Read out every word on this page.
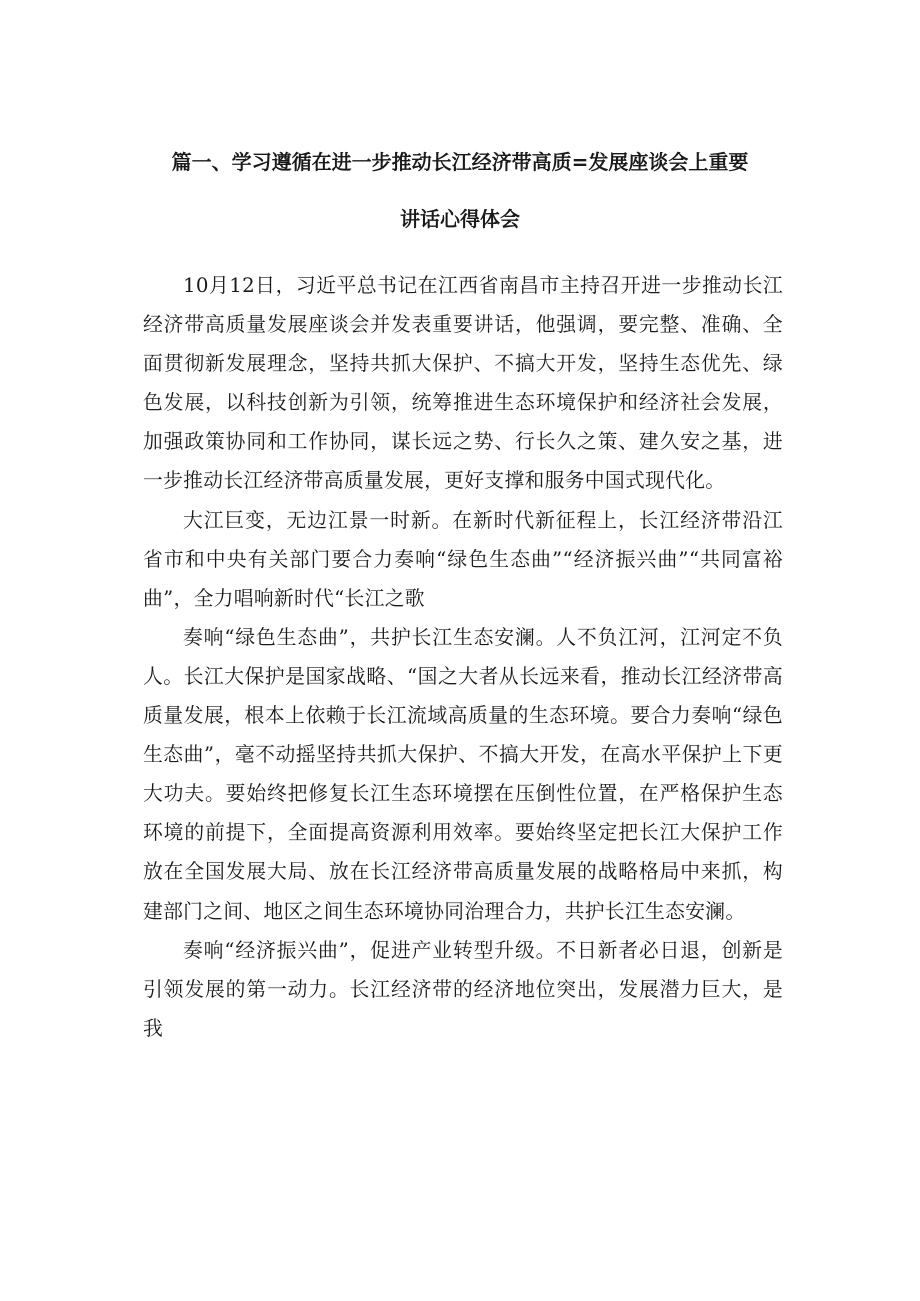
篇一、学习遵循在进一步推动长江经济带高质=发展座谈会上重要
讲话心得体会

10月12日，习近平总书记在江西省南昌市主持召开进一步推动长江经济带高质量发展座谈会并发表重要讲话，他强调，要完整、准确、全面贯彻新发展理念，坚持共抓大保护、不搞大开发，坚持生态优先、绿色发展，以科技创新为引领，统筹推进生态环境保护和经济社会发展，加强政策协同和工作协同，谋长远之势、行长久之策、建久安之基，进一步推动长江经济带高质量发展，更好支撑和服务中国式现代化。

大江巨变，无边江景一时新。在新时代新征程上，长江经济带沿江省市和中央有关部门要合力奏响“绿色生态曲”“经济振兴曲”“共同富裕曲”，全力唱响新时代“长江之歌

奏响“绿色生态曲”，共护长江生态安澜。人不负江河，江河定不负人。长江大保护是国家战略、“国之大者从长远来看，推动长江经济带高质量发展，根本上依赖于长江流域高质量的生态环境。要合力奏响“绿色生态曲”，毫不动摇坚持共抓大保护、不搞大开发，在高水平保护上下更大功夫。要始终把修复长江生态环境摆在压倒性位置，在严格保护生态环境的前提下，全面提高资源利用效率。要始终坚定把长江大保护工作放在全国发展大局、放在长江经济带高质量发展的战略格局中来抓，构建部门之间、地区之间生态环境协同治理合力，共护长江生态安澜。

奏响“经济振兴曲”，促进产业转型升级。不日新者必日退，创新是引领发展的第一动力。长江经济带的经济地位突出，发展潜力巨大，是我
